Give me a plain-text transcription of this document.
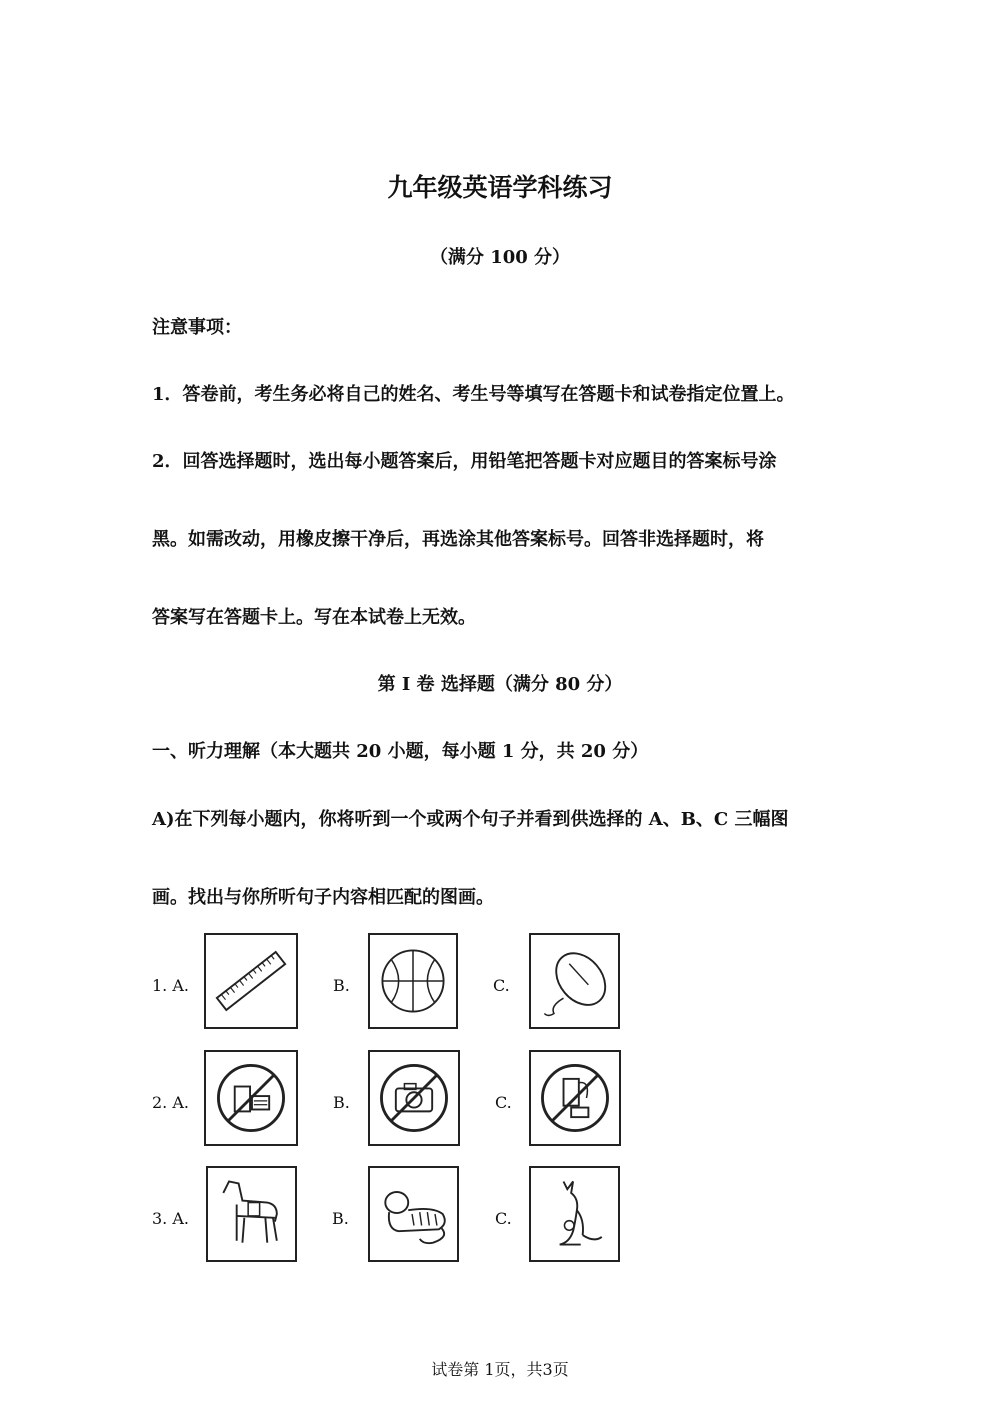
九年级英语学科练习
（满分 100 分）
注意事项：
1．答卷前，考生务必将自己的姓名、考生号等填写在答题卡和试卷指定位置上。
2．回答选择题时，选出每小题答案后，用铅笔把答题卡对应题目的答案标号涂
黑。如需改动，用橡皮擦干净后，再选涂其他答案标号。回答非选择题时，将
答案写在答题卡上。写在本试卷上无效。
第 I 卷 选择题（满分 80 分）
一、听力理解（本大题共 20 小题，每小题 1 分，共 20 分）
A)在下列每小题内，你将听到一个或两个句子并看到供选择的 A、B、C 三幅图
画。找出与你所听句子内容相匹配的图画。
1. A.	B.	C.
2. A.	B.	C.
3. A.	B.	C.
试卷第 1页，共3页
